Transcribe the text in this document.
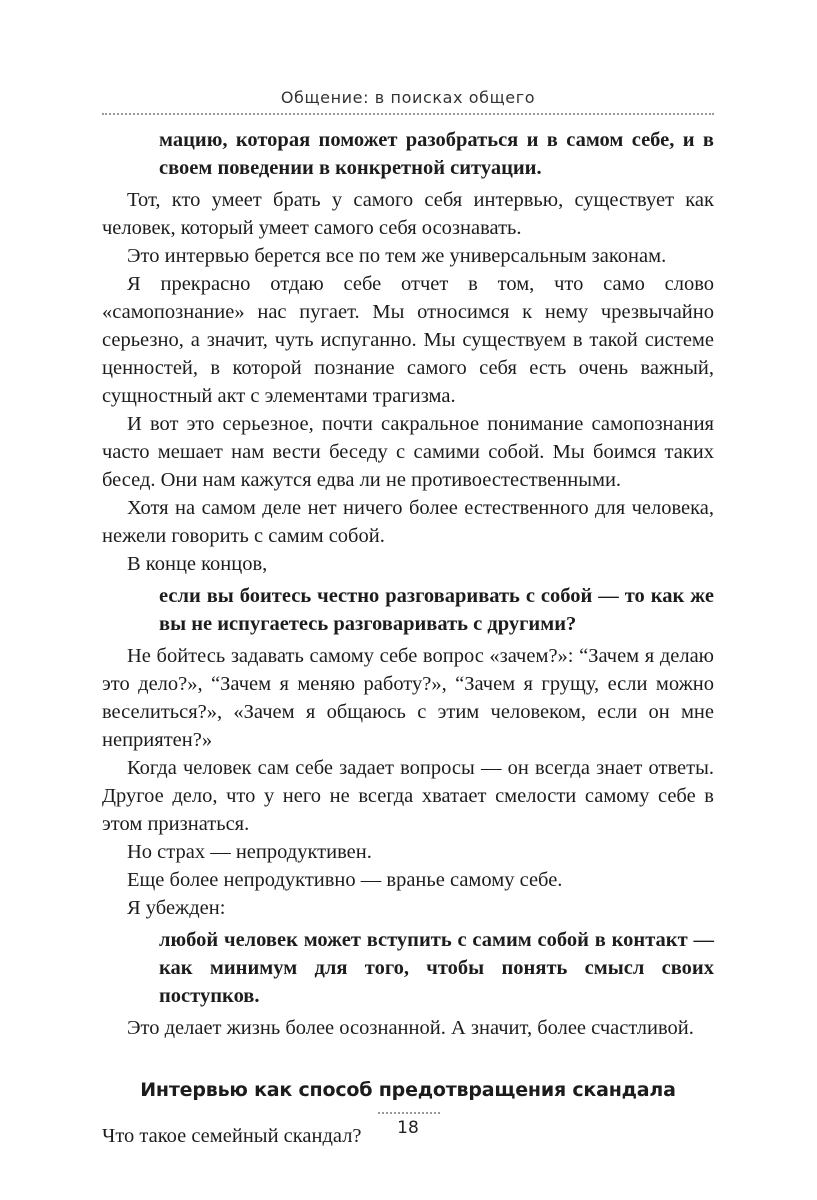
Общение: в поисках общего

мацию, которая поможет разобраться и в самом себе, и в своем поведении в конкретной ситуации.

Тот, кто умеет брать у самого себя интервью, существует как человек, который умеет самого себя осознавать.

Это интервью берется все по тем же универсальным законам.

Я прекрасно отдаю себе отчет в том, что само слово «самопознание» нас пугает. Мы относимся к нему чрезвычайно серьезно, а значит, чуть испуганно. Мы существуем в такой системе ценностей, в которой познание самого себя есть очень важный, сущностный акт с элементами трагизма.

И вот это серьезное, почти сакральное понимание самопознания часто мешает нам вести беседу с самими собой. Мы боимся таких бесед. Они нам кажутся едва ли не противоестественными.

Хотя на самом деле нет ничего более естественного для человека, нежели говорить с самим собой.

В конце концов,

если вы боитесь честно разговаривать с собой — то как же вы не испугаетесь разговаривать с другими?

Не бойтесь задавать самому себе вопрос «зачем?»: “Зачем я делаю это дело?», “Зачем я меняю работу?», “Зачем я грущу, если можно веселиться?», «Зачем я общаюсь с этим человеком, если он мне неприятен?»

Когда человек сам себе задает вопросы — он всегда знает ответы. Другое дело, что у него не всегда хватает смелости самому себе в этом признаться.

Но страх — непродуктивен.

Еще более непродуктивно — вранье самому себе.

Я убежден:

любой человек может вступить с самим собой в контакт — как минимум для того, чтобы понять смысл своих поступков.

Это делает жизнь более осознанной. А значит, более счастливой.

Интервью как способ предотвращения скандала

Что такое семейный скандал?	18
